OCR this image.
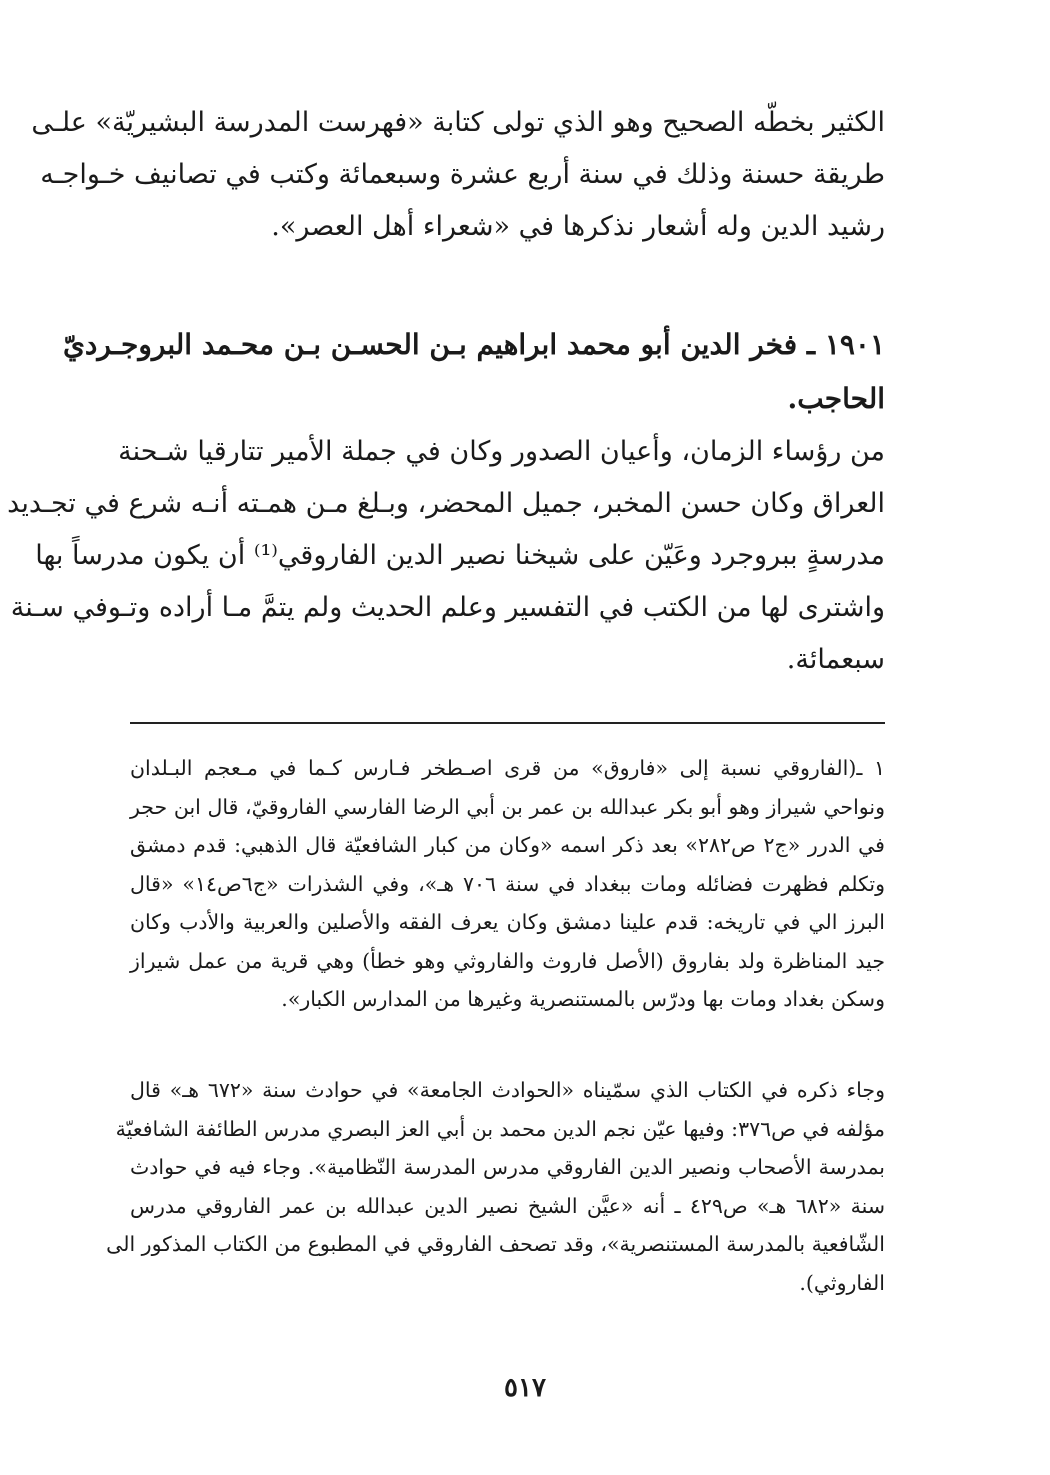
الكثير بخطّه الصحيح وهو الذي تولى كتابة «فهرست المدرسة البشيريّة» علـى
طريقة حسنة وذلك في سنة أربع عشرة وسبعمائة وكتب في تصانيف خـواجـه
رشيد الدين وله أشعار نذكرها في «شعراء أهل العصر».
١٩٠١ ـ فخر الدين أبو محمد ابراهيم بـن الحسـن بـن محـمد البروجـرديّ
الحاجب.
من رؤساء الزمان، وأعيان الصدور وكان في جملة الأمير تتارقيا شـحنة
العراق وكان حسن المخبر، جميل المحضر، وبـلغ مـن همـته أنـه شرع في تجـديد
مدرسةٍ ببروجرد وعَيّن على شيخنا نصير الدين الفاروقي⁽¹⁾ أن يكون مدرساً بها
واشترى لها من الكتب في التفسير وعلم الحديث ولم يتمَّ مـا أراده وتـوفي سـنة
سبعمائة.
١ ـ(الفاروقي نسبة إلى «فاروق» من قرى اصـطخر فـارس كـما في مـعجم البـلدان
ونواحي شيراز وهو أبو بكر عبدالله بن عمر بن أبي الرضا الفارسي الفاروقيّ، قال ابن حجر
في الدرر «ج٢ ص٢٨٢» بعد ذكر اسمه «وكان من كبار الشافعيّة قال الذهبي: قدم دمشق
وتكلم فظهرت فضائله ومات ببغداد في سنة ٧٠٦ هـ»، وفي الشذرات «ج٦ص١٤» «قال
البرز الي في تاريخه: قدم علينا دمشق وكان يعرف الفقه والأصلين والعربية والأدب وكان
جيد المناظرة ولد بفاروق (الأصل فاروث والفاروثي وهو خطأ) وهي قرية من عمل شيراز
وسكن بغداد ومات بها ودرّس بالمستنصرية وغيرها من المدارس الكبار».
وجاء ذكره في الكتاب الذي سمّيناه «الحوادث الجامعة» في حوادث سنة «٦٧٢ هـ» قال
مؤلفه في ص٣٧٦: وفيها عيّن نجم الدين محمد بن أبي العز البصري مدرس الطائفة الشافعيّة
بمدرسة الأصحاب ونصير الدين الفاروقي مدرس المدرسة النّظامية». وجاء فيه في حوادث
سنة «٦٨٢ هـ» ص٤٢٩ ـ أنه «عيَّن الشيخ نصير الدين عبدالله بن عمر الفاروقي مدرس
الشّافعية بالمدرسة المستنصرية»، وقد تصحف الفاروقي في المطبوع من الكتاب المذكور الى
الفاروثي).
٥١٧
